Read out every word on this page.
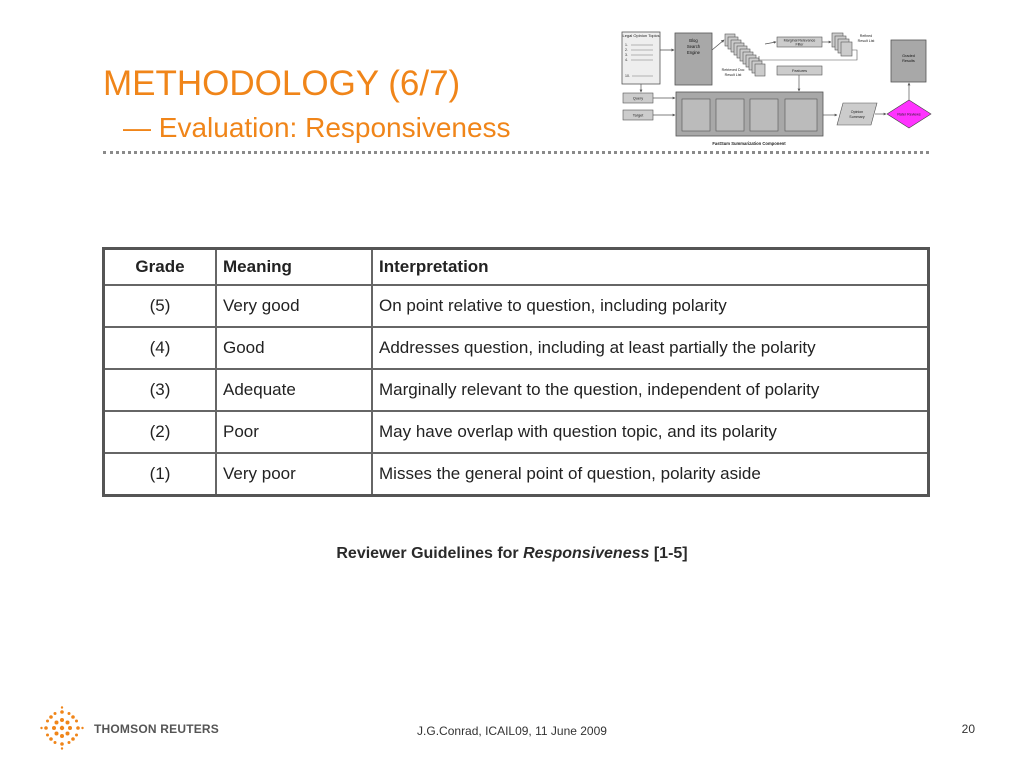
METHODOLOGY (6/7)
— Evaluation: Responsiveness
Legal Opinion Topics
1.
2.
3.
4.
10.
Blog
Search
Engine
Retrieved Doc
Result List
Marginal Relevance
Filter
Refined
Result List
Features
Graded
Results
Query
Target
Opinion
Summary
Rater Reviews
FastSum Summarization Component
Grade	Meaning	Interpretation
(5)	Very good	On point relative to question, including polarity
(4)	Good	Addresses question, including at least partially the polarity
(3)	Adequate	Marginally relevant to the question, independent of polarity
(2)	Poor	May have overlap with question topic, and its polarity
(1)	Very poor	Misses the general point of question, polarity aside
Reviewer Guidelines for Responsiveness [1-5]
THOMSON REUTERS	J.G.Conrad, ICAIL09, 11 June 2009	20
